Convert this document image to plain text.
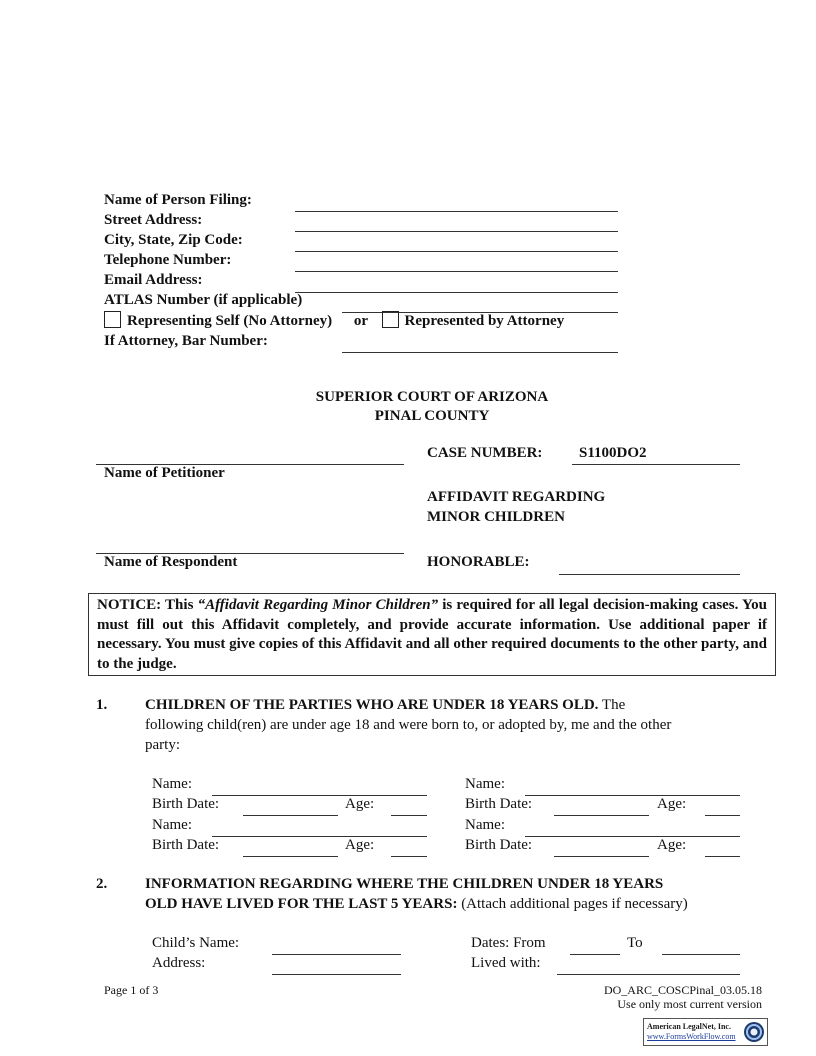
Name of Person Filing:
Street Address:
City, State, Zip Code:
Telephone Number:
Email Address:
ATLAS Number (if applicable)
Representing Self (No Attorney) or Represented by Attorney
If Attorney, Bar Number:
SUPERIOR COURT OF ARIZONA
PINAL COUNTY
Name of Petitioner
Name of Respondent
CASE NUMBER: S1100DO2
AFFIDAVIT REGARDING
MINOR CHILDREN
HONORABLE:
NOTICE: This “Affidavit Regarding Minor Children” is required for all legal decision-making cases. You must fill out this Affidavit completely, and provide accurate information. Use additional paper if necessary. You must give copies of this Affidavit and all other required documents to the other party, and to the judge.
1.	CHILDREN OF THE PARTIES WHO ARE UNDER 18 YEARS OLD. The
following child(ren) are under age 18 and were born to, or adopted by, me and the other
party:
Name:
Birth Date:	Age:
Name:
Birth Date:	Age:
Name:
Birth Date:	Age:
Name:
Birth Date:	Age:
2.	INFORMATION REGARDING WHERE THE CHILDREN UNDER 18 YEARS
OLD HAVE LIVED FOR THE LAST 5 YEARS: (Attach additional pages if necessary)
Child’s Name:
Address:
Dates: From	To
Lived with:
Page 1 of 3	DO_ARC_COSCPinal_03.05.18
Use only most current version
American LegalNet, Inc.
www.FormsWorkFlow.com
